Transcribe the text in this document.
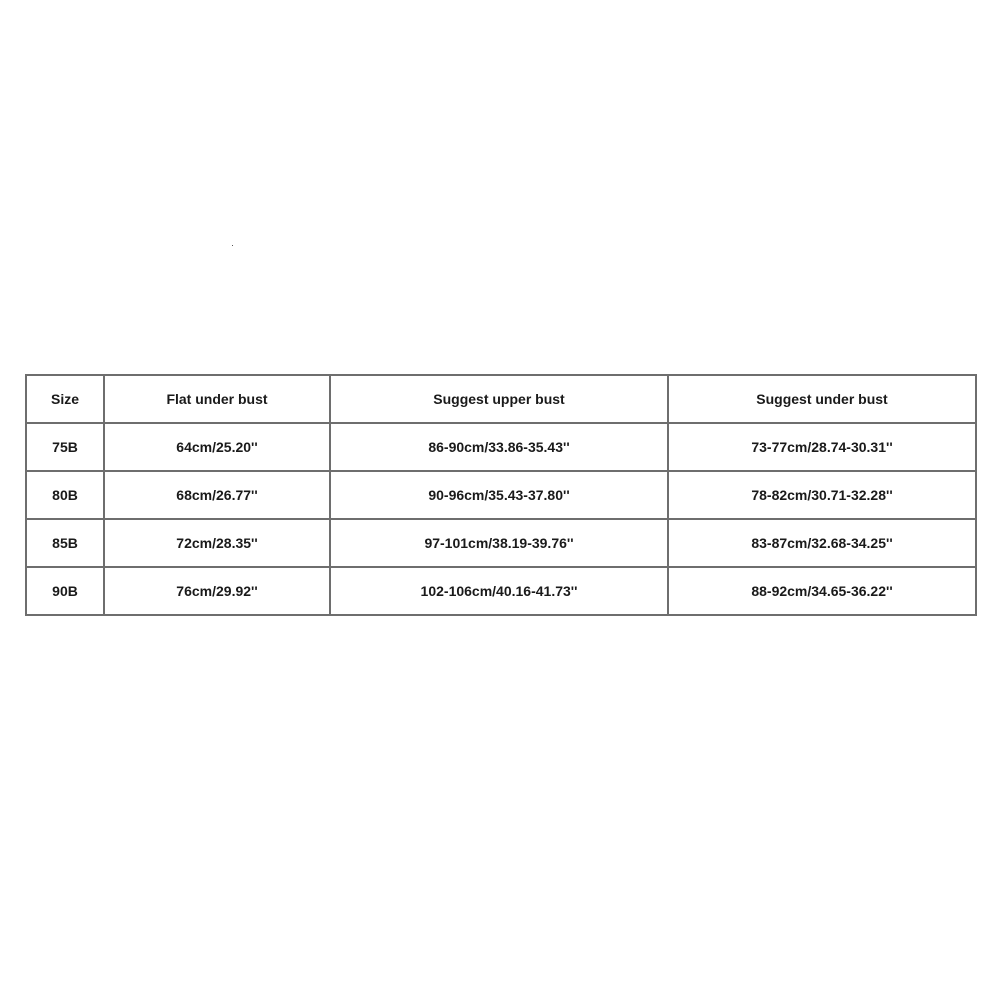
Size	Flat under bust	Suggest upper bust	Suggest under bust
75B	64cm/25.20''	86-90cm/33.86-35.43''	73-77cm/28.74-30.31''
80B	68cm/26.77''	90-96cm/35.43-37.80''	78-82cm/30.71-32.28''
85B	72cm/28.35''	97-101cm/38.19-39.76''	83-87cm/32.68-34.25''
90B	76cm/29.92''	102-106cm/40.16-41.73''	88-92cm/34.65-36.22''
